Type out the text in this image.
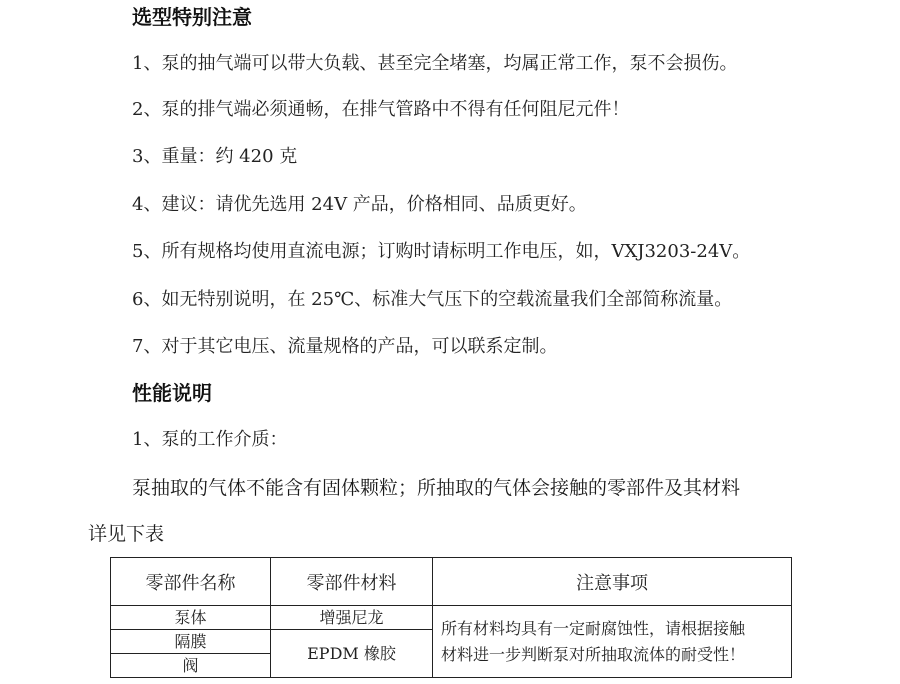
选型特别注意

1、泵的抽气端可以带大负载、甚至完全堵塞，均属正常工作，泵不会损伤。

2、泵的排气端必须通畅，在排气管路中不得有任何阻尼元件！

3、重量：约 420 克

4、建议：请优先选用 24V 产品，价格相同、品质更好。

5、所有规格均使用直流电源；订购时请标明工作电压，如，VXJ3203-24V。

6、如无特别说明，在 25℃、标准大气压下的空载流量我们全部简称流量。

7、对于其它电压、流量规格的产品，可以联系定制。

性能说明

1、泵的工作介质：

泵抽取的气体不能含有固体颗粒；所抽取的气体会接触的零部件及其材料

详见下表

零部件名称	零部件材料	注意事项
泵体	增强尼龙	所有材料均具有一定耐腐蚀性，请根据接触
材料进一步判断泵对所抽取流体的耐受性！

隔膜	EPDM 橡胶	
阀		
